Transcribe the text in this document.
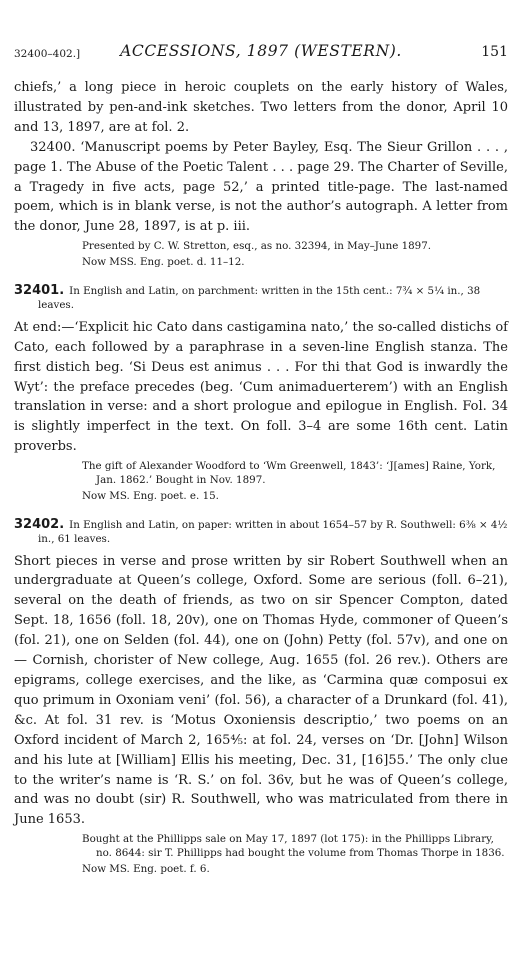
32400–402.]	ACCESSIONS, 1897 (WESTERN).	151

chiefs,’ a long piece in heroic couplets on the early history of Wales, illustrated by pen-and-ink sketches. Two letters from the donor, April 10 and 13, 1897, are at fol. 2.

32400. ‘Manuscript poems by Peter Bayley, Esq. The Sieur Grillon . . . , page 1. The Abuse of the Poetic Talent . . . page 29. The Charter of Seville, a Tragedy in five acts, page 52,’ a printed title-page. The last-named poem, which is in blank verse, is not the author’s autograph. A letter from the donor, June 28, 1897, is at p. iii.

Presented by C. W. Stretton, esq., as no. 32394, in May–June 1897.
Now MSS. Eng. poet. d. 11–12.
32401. In English and Latin, on parchment: written in the 15th cent.: 7¾ × 5¼ in., 38 leaves.

At end:—‘Explicit hic Cato dans castigamina nato,’ the so-called distichs of Cato, each followed by a paraphrase in a seven-line English stanza. The first distich beg. ‘Si Deus est animus . . . For thi that God is inwardly the Wyt’: the preface precedes (beg. ‘Cum animaduerterem’) with an English translation in verse: and a short prologue and epilogue in English. Fol. 34 is slightly imperfect in the text. On foll. 3–4 are some 16th cent. Latin proverbs.

The gift of Alexander Woodford to ‘Wm Greenwell, 1843’: ‘J[ames] Raine, York, Jan. 1862.’ Bought in Nov. 1897.
Now MS. Eng. poet. e. 15.
32402. In English and Latin, on paper: written in about 1654–57 by R. Southwell: 6⅜ × 4½ in., 61 leaves.

Short pieces in verse and prose written by sir Robert Southwell when an undergraduate at Queen’s college, Oxford. Some are serious (foll. 6–21), several on the death of friends, as two on sir Spencer Compton, dated Sept. 18, 1656 (foll. 18, 20v), one on Thomas Hyde, commoner of Queen’s (fol. 21), one on Selden (fol. 44), one on (John) Petty (fol. 57v), and one on — Cornish, chorister of New college, Aug. 1655 (fol. 26 rev.). Others are epigrams, college exercises, and the like, as ‘Carmina quæ composui ex quo primum in Oxoniam veni’ (fol. 56), a character of a Drunkard (fol. 41), &c. At fol. 31 rev. is ‘Motus Oxoniensis descriptio,’ two poems on an Oxford incident of March 2, 165⁴⁄₅: at fol. 24, verses on ‘Dr. [John] Wilson and his lute at [William] Ellis his meeting, Dec. 31, [16]55.’ The only clue to the writer’s name is ‘R. S.’ on fol. 36v, but he was of Queen’s college, and was no doubt (sir) R. Southwell, who was matriculated from there in June 1653.

Bought at the Phillipps sale on May 17, 1897 (lot 175): in the Phillipps Library, no. 8644: sir T. Phillipps had bought the volume from Thomas Thorpe in 1836.
Now MS. Eng. poet. f. 6.
